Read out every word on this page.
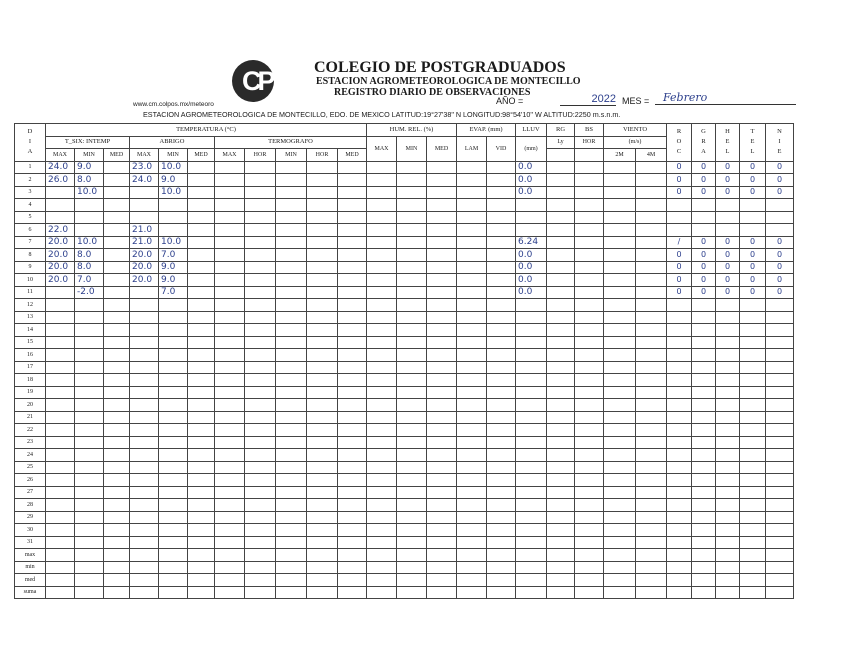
CP	COLEGIO DE POSTGRADUADOS
ESTACION AGROMETEOROLOGICA DE MONTECILLO
REGISTRO DIARIO DE OBSERVACIONES
www.cm.colpos.mx/meteoro	AÑO =	2022 MES =	Febrero
ESTACION AGROMETEOROLOGICA DE MONTECILLO, EDO. DE MEXICO LATITUD:19°27'38" N LONGITUD:98°54'10" W ALTITUD:2250 m.s.n.m.
D
I
A	TEMPERATURA (°C)											HUM. REL. (%)			EVAP. (mm)		LLUV	RG	BS	VIENTO		R O C	G R A	H E L	T E L	N I E
	T_SIX: INTEMP			ABRIGO			TERMOGRAFO					MAX	MIN	MED	LAM	VID	(mm)	Ly	HOR	(m/s)						
	MAX	MIN	MED	MAX	MIN	MED	MAX	HOR	MIN	HOR	MED									2M	4M					
1	24.0	9.0		23.0	10.0												0.0					0	0	0	0	0
2	26.0	8.0		24.0	9.0												0.0					0	0	0	0	0
3		10.0			10.0												0.0					0	0	0	0	0
4																										
5																										
6	22.0			21.0																						
7	20.0	10.0		21.0	10.0												6.24					/	0	0	0	0
8	20.0	8.0		20.0	7.0												0.0					0	0	0	0	0
9	20.0	8.0		20.0	9.0												0.0					0	0	0	0	0
10	20.0	7.0		20.0	9.0												0.0					0	0	0	0	0
11		-2.0			7.0												0.0					0	0	0	0	0
12																										
13																										
14																										
15																										
16																										
17																										
18																										
19																										
20																										
21																										
22																										
23																										
24																										
25																										
26																										
27																										
28																										
29																										
30																										
31																										
max																										
min																										
med																										
suma																										
